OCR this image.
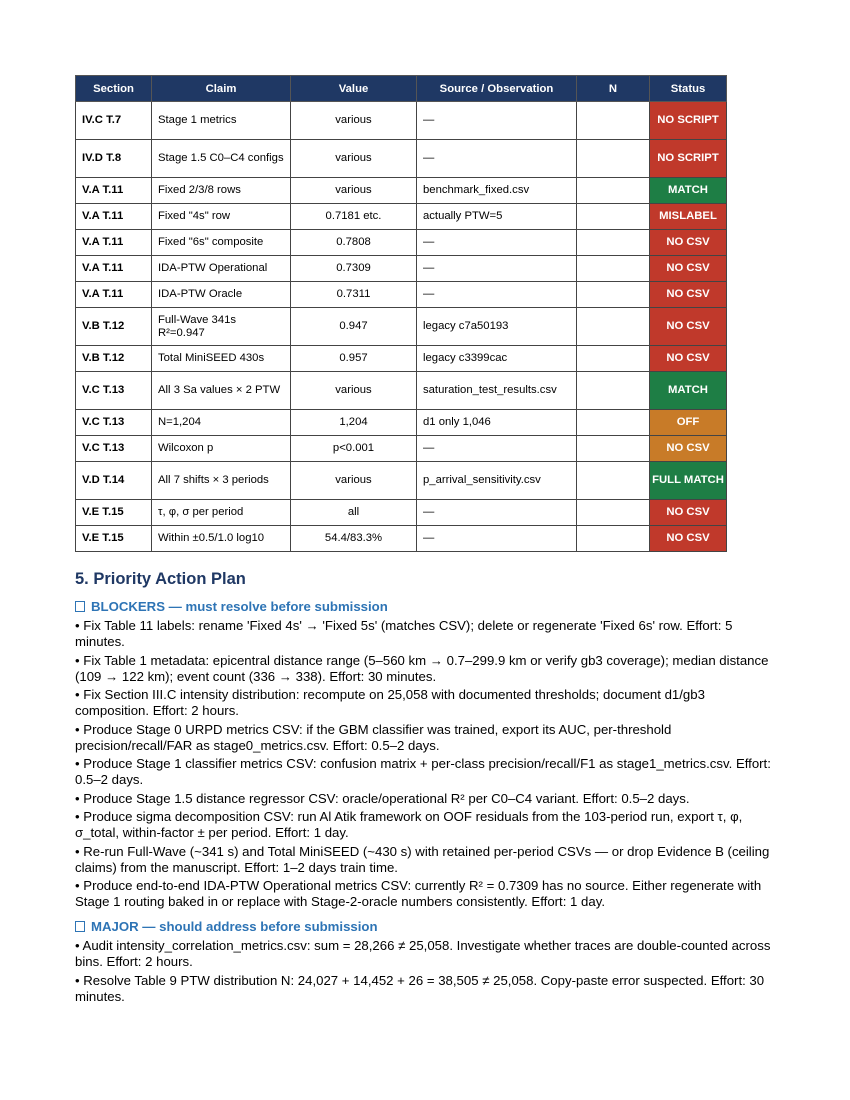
Section	Claim	Value	Source / Observation	N	Status
IV.C T.7	Stage 1 metrics	various	—		NO SCRIPT
IV.D T.8	Stage 1.5 C0–C4 configs	various	—		NO SCRIPT
V.A T.11	Fixed 2/3/8 rows	various	benchmark_fixed.csv		MATCH
V.A T.11	Fixed "4s" row	0.7181 etc.	actually PTW=5		MISLABEL
V.A T.11	Fixed "6s" composite	0.7808	—		NO CSV
V.A T.11	IDA-PTW Operational	0.7309	—		NO CSV
V.A T.11	IDA-PTW Oracle	0.7311	—		NO CSV
V.B T.12	Full-Wave 341s R²=0.947	0.947	legacy c7a50193		NO CSV
V.B T.12	Total MiniSEED 430s	0.957	legacy c3399cac		NO CSV
V.C T.13	All 3 Sa values × 2 PTW	various	saturation_test_results.csv		MATCH
V.C T.13	N=1,204	1,204	d1 only 1,046		OFF
V.C T.13	Wilcoxon p	p<0.001	—		NO CSV
V.D T.14	All 7 shifts × 3 periods	various	p_arrival_sensitivity.csv		FULL MATCH
V.E T.15	τ, φ, σ per period	all	—		NO CSV
V.E T.15	Within ±0.5/1.0 log10	54.4/83.3%	—		NO CSV
5. Priority Action Plan
BLOCKERS — must resolve before submission

• Fix Table 11 labels: rename 'Fixed 4s' → 'Fixed 5s' (matches CSV); delete or regenerate 'Fixed 6s' row. Effort: 5 minutes.

• Fix Table 1 metadata: epicentral distance range (5–560 km → 0.7–299.9 km or verify gb3 coverage); median distance (109 → 122 km); event count (336 → 338). Effort: 30 minutes.

• Fix Section III.C intensity distribution: recompute on 25,058 with documented thresholds; document d1/gb3 composition. Effort: 2 hours.

• Produce Stage 0 URPD metrics CSV: if the GBM classifier was trained, export its AUC, per-threshold precision/recall/FAR as stage0_metrics.csv. Effort: 0.5–2 days.

• Produce Stage 1 classifier metrics CSV: confusion matrix + per-class precision/recall/F1 as stage1_metrics.csv. Effort: 0.5–2 days.

• Produce Stage 1.5 distance regressor CSV: oracle/operational R² per C0–C4 variant. Effort: 0.5–2 days.

• Produce sigma decomposition CSV: run Al Atik framework on OOF residuals from the 103-period run, export τ, φ, σ_total, within-factor ± per period. Effort: 1 day.

• Re-run Full-Wave (~341 s) and Total MiniSEED (~430 s) with retained per-period CSVs — or drop Evidence B (ceiling claims) from the manuscript. Effort: 1–2 days train time.

• Produce end-to-end IDA-PTW Operational metrics CSV: currently R² = 0.7309 has no source. Either regenerate with Stage 1 routing baked in or replace with Stage-2-oracle numbers consistently. Effort: 1 day.

MAJOR — should address before submission

• Audit intensity_correlation_metrics.csv: sum = 28,266 ≠ 25,058. Investigate whether traces are double-counted across bins. Effort: 2 hours.

• Resolve Table 9 PTW distribution N: 24,027 + 14,452 + 26 = 38,505 ≠ 25,058. Copy-paste error suspected. Effort: 30 minutes.
